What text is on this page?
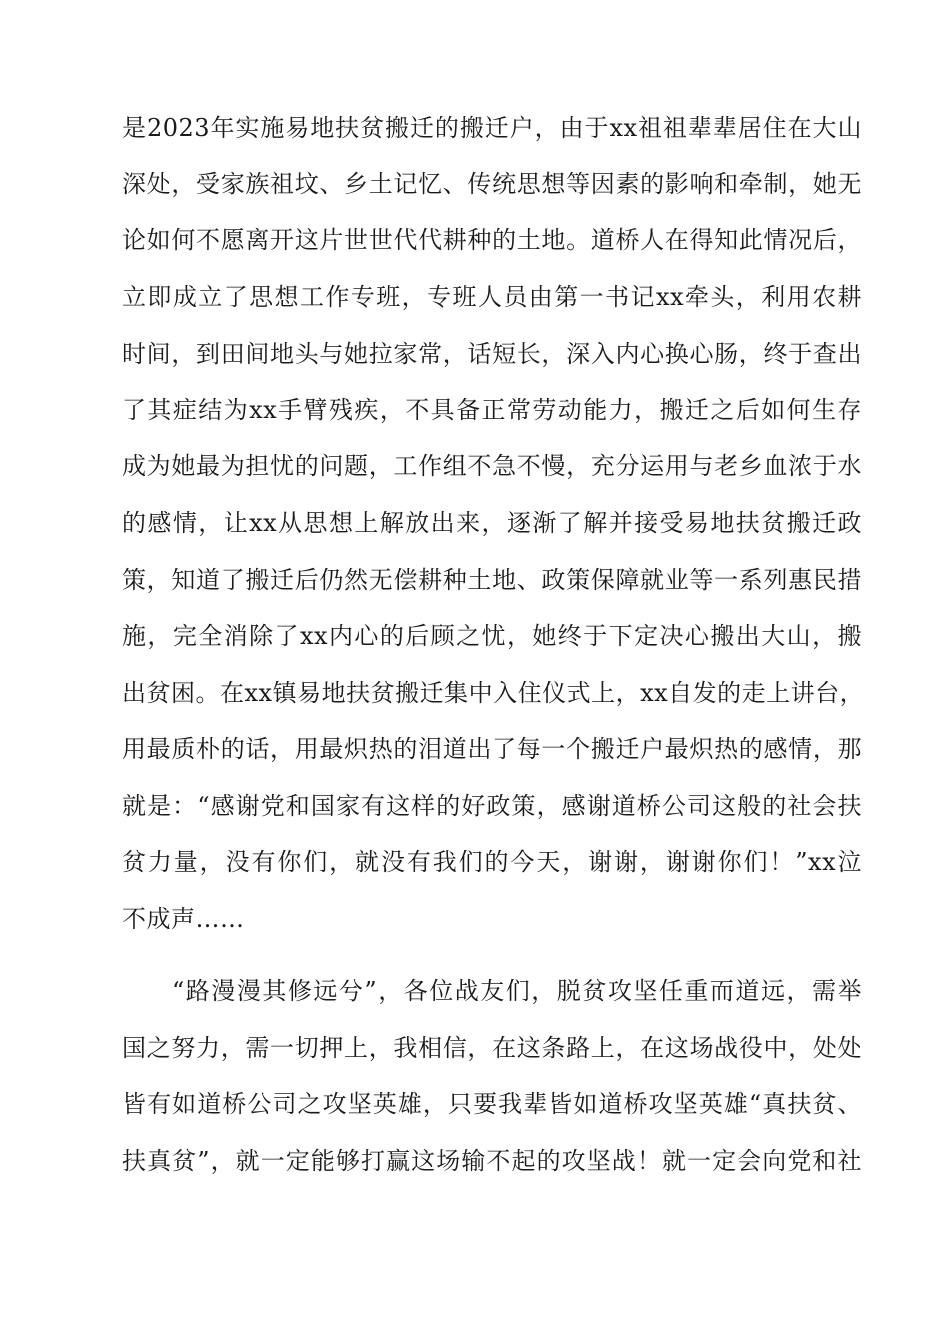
是2023年实施易地扶贫搬迁的搬迁户，由于xx祖祖辈辈居住在大山
深处，受家族祖坟、乡土记忆、传统思想等因素的影响和牵制，她无
论如何不愿离开这片世世代代耕种的土地。道桥人在得知此情况后，
立即成立了思想工作专班，专班人员由第一书记xx牵头，利用农耕
时间，到田间地头与她拉家常，话短长，深入内心换心肠，终于查出
了其症结为xx手臂残疾，不具备正常劳动能力，搬迁之后如何生存
成为她最为担忧的问题，工作组不急不慢，充分运用与老乡血浓于水
的感情，让xx从思想上解放出来，逐渐了解并接受易地扶贫搬迁政
策，知道了搬迁后仍然无偿耕种土地、政策保障就业等一系列惠民措
施，完全消除了xx内心的后顾之忧，她终于下定决心搬出大山，搬
出贫困。在xx镇易地扶贫搬迁集中入住仪式上，xx自发的走上讲台，
用最质朴的话，用最炽热的泪道出了每一个搬迁户最炽热的感情，那
就是：“感谢党和国家有这样的好政策，感谢道桥公司这般的社会扶
贫力量，没有你们，就没有我们的今天，谢谢，谢谢你们！”xx泣
不成声……
“路漫漫其修远兮”，各位战友们，脱贫攻坚任重而道远，需举
国之努力，需一切押上，我相信，在这条路上，在这场战役中，处处
皆有如道桥公司之攻坚英雄，只要我辈皆如道桥攻坚英雄“真扶贫、
扶真贫”，就一定能够打赢这场输不起的攻坚战！就一定会向党和社
